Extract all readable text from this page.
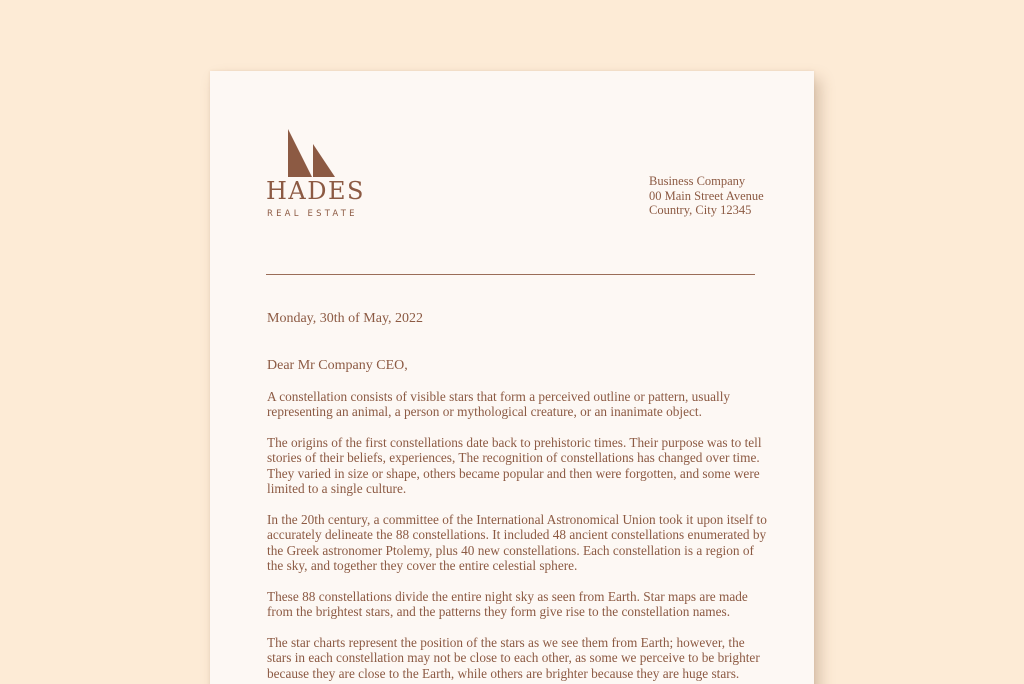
HADES
REAL ESTATE
Business Company
00 Main Street Avenue
Country, City 12345
Monday, 30th of May, 2022
Dear Mr Company CEO,

A constellation consists of visible stars that form a perceived outline or pattern, usually representing an animal, a person or mythological creature, or an inanimate object.

The origins of the first constellations date back to prehistoric times. Their purpose was to tell stories of their beliefs, experiences, The recognition of constellations has changed over time. They varied in size or shape, others became popular and then were forgotten, and some were limited to a single culture.

In the 20th century, a committee of the International Astronomical Union took it upon itself to accurately delineate the 88 constellations. It included 48 ancient constellations enumerated by the Greek astronomer Ptolemy, plus 40 new constellations. Each constellation is a region of the sky, and together they cover the entire celestial sphere.

These 88 constellations divide the entire night sky as seen from Earth. Star maps are made from the brightest stars, and the patterns they form give rise to the constellation names.

The star charts represent the position of the stars as we see them from Earth; however, the stars in each constellation may not be close to each other, as some we perceive to be brighter because they are close to the Earth, while others are brighter because they are huge stars.
